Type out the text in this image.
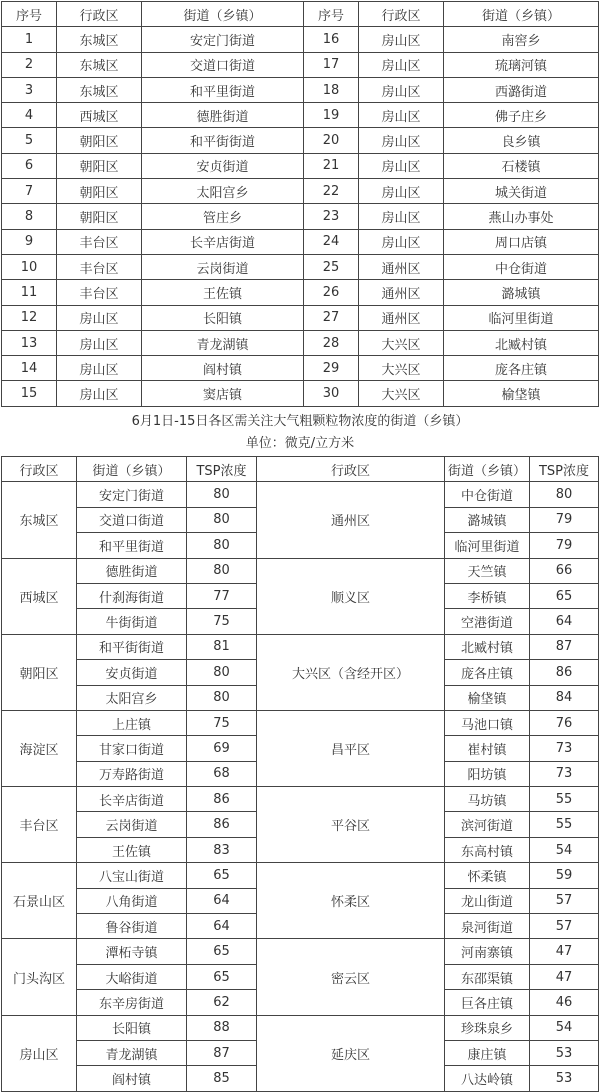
序号	行政区	街道（乡镇）	序号	行政区	街道（乡镇）
1	东城区	安定门街道	16	房山区	南窖乡
2	东城区	交道口街道	17	房山区	琉璃河镇
3	东城区	和平里街道	18	房山区	西潞街道
4	西城区	德胜街道	19	房山区	佛子庄乡
5	朝阳区	和平街街道	20	房山区	良乡镇
6	朝阳区	安贞街道	21	房山区	石楼镇
7	朝阳区	太阳宫乡	22	房山区	城关街道
8	朝阳区	管庄乡	23	房山区	燕山办事处
9	丰台区	长辛店街道	24	房山区	周口店镇
10	丰台区	云岗街道	25	通州区	中仓街道
11	丰台区	王佐镇	26	通州区	潞城镇
12	房山区	长阳镇	27	通州区	临河里街道
13	房山区	青龙湖镇	28	大兴区	北臧村镇
14	房山区	阎村镇	29	大兴区	庞各庄镇
15	房山区	窦店镇	30	大兴区	榆垡镇
6月1日-15日各区需关注大气粗颗粒物浓度的街道（乡镇）
单位：微克/立方米
行政区	街道（乡镇）	TSP浓度	行政区	街道（乡镇）	TSP浓度
东城区	安定门街道	80	通州区	中仓街道	80
	交道口街道	80		潞城镇	79
	和平里街道	80		临河里街道	79
西城区	德胜街道	80	顺义区	天竺镇	66
	什刹海街道	77		李桥镇	65
	牛街街道	75		空港街道	64
朝阳区	和平街街道	81	大兴区（含经开区）	北臧村镇	87
	安贞街道	80		庞各庄镇	86
	太阳宫乡	80		榆垡镇	84
海淀区	上庄镇	75	昌平区	马池口镇	76
	甘家口街道	69		崔村镇	73
	万寿路街道	68		阳坊镇	73
丰台区	长辛店街道	86	平谷区	马坊镇	55
	云岗街道	86		滨河街道	55
	王佐镇	83		东高村镇	54
石景山区	八宝山街道	65	怀柔区	怀柔镇	59
	八角街道	64		龙山街道	57
	鲁谷街道	64		泉河街道	57
门头沟区	潭柘寺镇	65	密云区	河南寨镇	47
	大峪街道	65		东邵渠镇	47
	东辛房街道	62		巨各庄镇	46
房山区	长阳镇	88	延庆区	珍珠泉乡	54
	青龙湖镇	87		康庄镇	53
	阎村镇	85		八达岭镇	53
